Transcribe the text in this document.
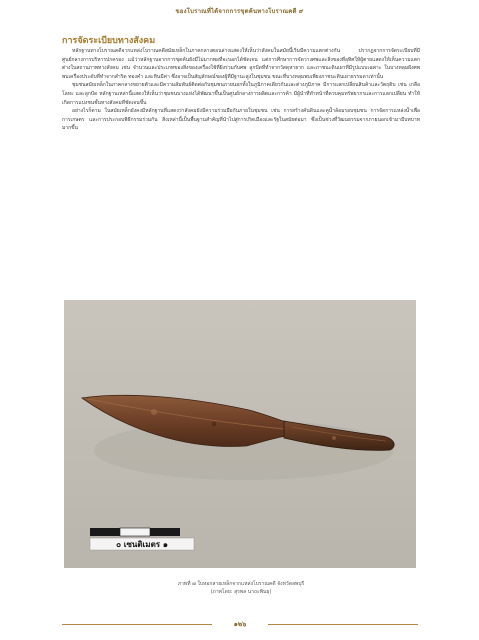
ของโบราณที่ได้จากการขุดค้นทางโบราณคดี ๙
การจัดระเบียบทางสังคม

หลักฐานทางโบราณคดีจากแหล่งโบราณคดีสมัยเหล็กในภาคกลางตอนล่างแสดงให้เห็นว่าสังคมในสมัยนี้เริ่มมีความแตกต่างกัน ปรากฏจากการจัดระเบียบที่มีศูนย์กลางการบริหารปกครอง แม้ว่าหลักฐานจากการขุดค้นยังมีไม่มากพอที่จะบอกได้ชัดเจน แต่การศึกษาการจัดวางศพและสิ่งของที่อุทิศให้ผู้ตายแสดงให้เห็นความแตกต่างในสถานภาพทางสังคม เช่น จำนวนและประเภทของสิ่งของเครื่องใช้ที่ฝังร่วมกับศพ ลูกปัดที่ทำจากวัสดุหายาก และภาชนะดินเผาที่มีรูปแบบเฉพาะ ในบางหลุมฝังศพพบเครื่องประดับที่ทำจากสำริด ทองคำ และหินมีค่า ซึ่งอาจเป็นสัญลักษณ์ของผู้ที่มีฐานะสูงในชุมชน ขณะที่บางหลุมพบเพียงภาชนะดินเผาธรรมดาเท่านั้น

ชุมชนสมัยเหล็กในภาคกลางขยายตัวและมีความสัมพันธ์ติดต่อกับชุมชนภายนอกทั้งในภูมิภาคเดียวกันและต่างภูมิภาค มีการแลกเปลี่ยนสินค้าและวัตถุดิบ เช่น เกลือ โลหะ และลูกปัด หลักฐานเหล่านี้แสดงให้เห็นว่าชุมชนบางแห่งได้พัฒนาขึ้นเป็นศูนย์กลางการผลิตและการค้า มีผู้นำที่ทำหน้าที่ควบคุมทรัพยากรและการแลกเปลี่ยน ทำให้เกิดการแบ่งชนชั้นทางสังคมที่ชัดเจนขึ้น

อย่างไรก็ตาม ในสมัยเหล็กยังคงมีหลักฐานที่แสดงว่าสังคมยังมีความร่วมมือกันภายในชุมชน เช่น การสร้างคันดินและคูน้ำล้อมรอบชุมชน การจัดการแหล่งน้ำเพื่อการเกษตร และการประกอบพิธีกรรมร่วมกัน สิ่งเหล่านี้เป็นพื้นฐานสำคัญที่นำไปสู่การเกิดเมืองและรัฐในสมัยต่อมา ซึ่งเป็นช่วงที่วัฒนธรรมจากภายนอกเข้ามามีบทบาทมากขึ้น

๐ เซนติเมตร ๑
ภาพที่ ๗ ใบหอกสายเหล็กจากแหล่งโบราณคดี จังหวัดลพบุรี
(ภาพโดย: สุรพล นาถะพินธุ)
๑๒๖
